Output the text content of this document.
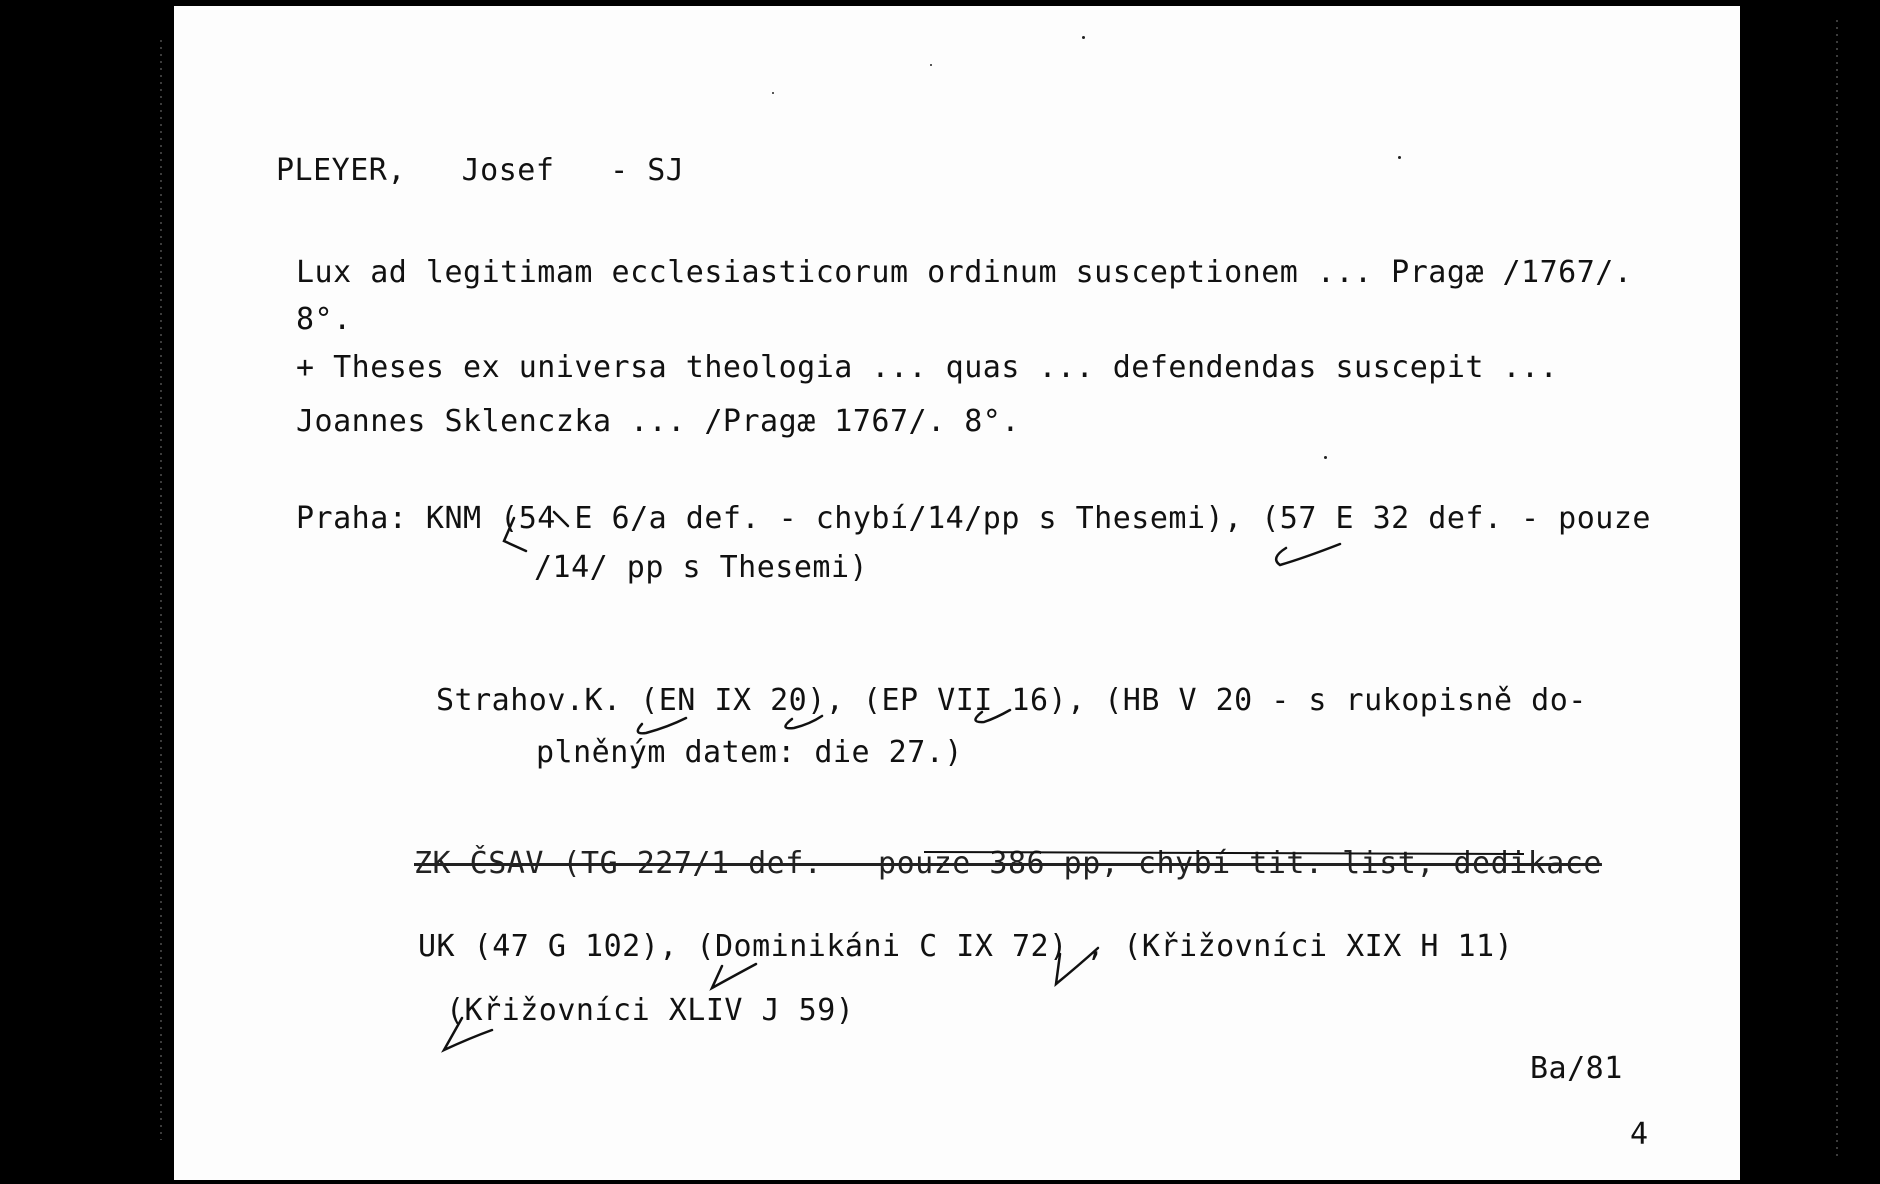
PLEYER,   Josef   - SJ
Lux ad legitimam ecclesiasticorum ordinum susceptionem ... Pragæ /1767/.
8°.
+ Theses ex universa theologia ... quas ... defendendas suscepit ...
Joannes Sklenczka ... /Pragæ 1767/. 8°.
Praha: KNM (54 E 6/a def. - chybí/14/pp s Thesemi), (57 E 32 def. - pouze
/14/ pp s Thesemi)
Strahov.K. (EN IX 20), (EP VII 16), (HB V 20 - s rukopisně do-
plněným datem: die 27.)
ZK ČSAV (TG 227/1 def. - pouze 386 pp, chybí tit. list, dedikace
UK (47 G 102), (Dominikáni C IX 72) , (Křižovníci XIX H 11)
(Křižovníci XLIV J 59)
Ba/81
4
